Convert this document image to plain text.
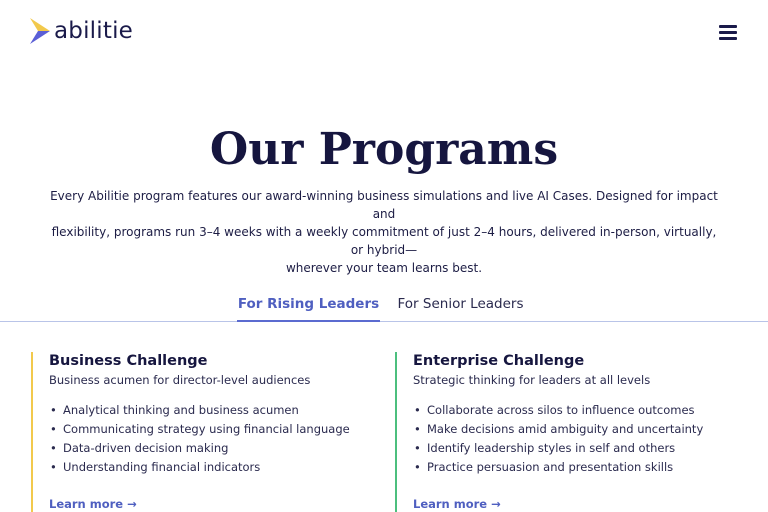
abilitie
Our Programs
Every Abilitie program features our award-winning business simulations and live AI Cases. Designed for impact and
flexibility, programs run 3–4 weeks with a weekly commitment of just 2–4 hours, delivered in-person, virtually, or hybrid—
wherever your team learns best.
For Rising Leaders	For Senior Leaders
Business Challenge
Business acumen for director-level audiences
• Analytical thinking and business acumen
• Communicating strategy using financial language
• Data-driven decision making
• Understanding financial indicators
Learn more →
Enterprise Challenge
Strategic thinking for leaders at all levels
• Collaborate across silos to influence outcomes
• Make decisions amid ambiguity and uncertainty
• Identify leadership styles in self and others
• Practice persuasion and presentation skills
Learn more →
